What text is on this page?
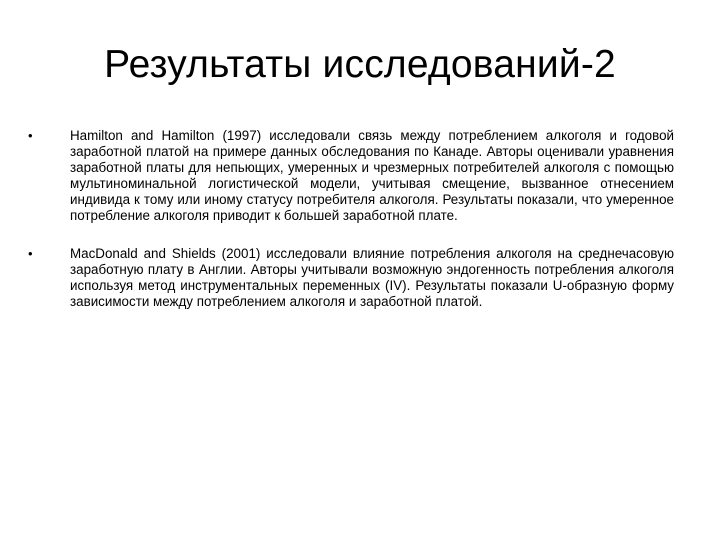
Результаты исследований-2
•	Hamilton and Hamilton (1997) исследовали связь между потреблением алкоголя и годовой заработной платой на примере данных обследования по Канаде. Авторы оценивали уравнения заработной платы для непьющих, умеренных и чрезмерных потребителей алкоголя с помощью мультиноминальной логистической модели, учитывая смещение, вызванное отнесением индивида к тому или иному статусу потребителя алкоголя. Результаты показали, что умеренное потребление алкоголя приводит к большей заработной плате.
•	MacDonald and Shields (2001) исследовали влияние потребления алкоголя на среднечасовую заработную плату в Англии. Авторы учитывали возможную эндогенность потребления алкоголя используя метод инструментальных переменных (IV). Результаты показали U-образную форму зависимости между потреблением алкоголя и заработной платой.
